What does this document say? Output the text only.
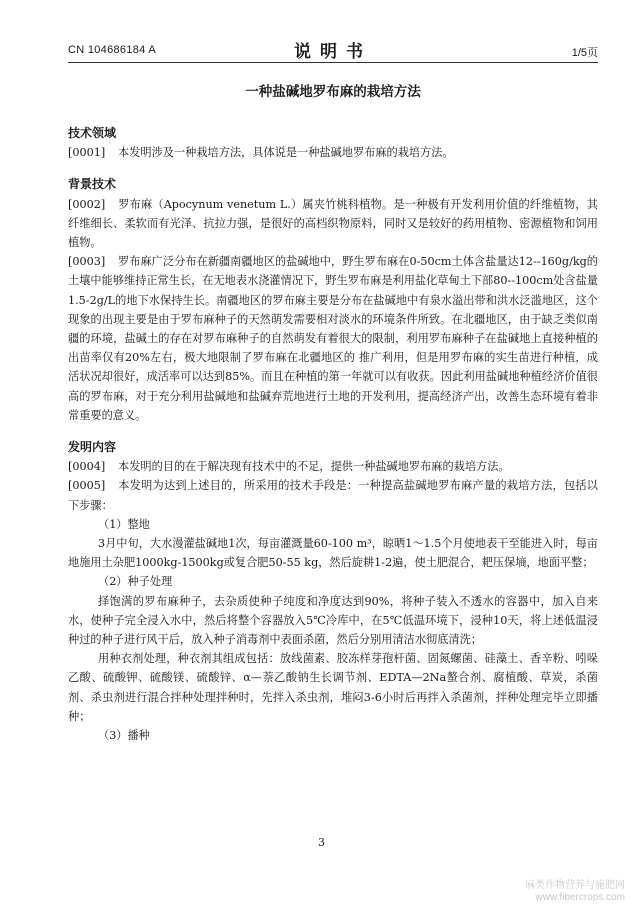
CN 104686184 A	说明书	1/5页
一种盐碱地罗布麻的栽培方法

技术领域

[0001] 本发明涉及一种栽培方法，具体说是一种盐碱地罗布麻的栽培方法。

背景技术

[0002] 罗布麻（Apocynum venetum L.）属夹竹桃科植物。是一种极有开发利用价值的纤维植物，其纤维细长、柔软而有光泽、抗拉力强，是很好的高档织物原料，同时又是较好的药用植物、密源植物和饲用植物。

[0003] 罗布麻广泛分布在新疆南疆地区的盐碱地中，野生罗布麻在0-50cm土体含盐量达12--160g/kg的土壤中能够维持正常生长，在无地表水浇灌情况下，野生罗布麻是利用盐化草甸土下部80--100cm处含盐量1.5-2g/L的地下水保持生长。南疆地区的罗布麻主要是分布在盐碱地中有泉水溢出带和洪水泛滥地区，这个现象的出现主要是由于罗布麻种子的天然萌发需要相对淡水的环境条件所致。在北疆地区，由于缺乏类似南疆的环境，盐碱土的存在对罗布麻种子的自然萌发有着很大的限制，利用罗布麻种子在盐碱地上直接种植的出苗率仅有20%左右，极大地限制了罗布麻在北疆地区的 推广利用，但是用罗布麻的实生苗进行种植，成活状况却很好，成活率可以达到85%。而且在种植的第一年就可以有收获。因此利用盐碱地种植经济价值很高的罗布麻，对于充分利用盐碱地和盐碱弃荒地进行土地的开发利用，提高经济产出，改善生态环境有着非常重要的意义。

发明内容

[0004] 本发明的目的在于解决现有技术中的不足，提供一种盐碱地罗布麻的栽培方法。

[0005] 本发明为达到上述目的，所采用的技术手段是：一种提高盐碱地罗布麻产量的栽培方法，包括以下步骤：

（1）整地

3月中旬，大水漫灌盐碱地1次，每亩灌溉量60-100 m³，晾晒1～1.5个月使地表干至能进入时，每亩地施用土杂肥1000kg-1500kg或复合肥50-55 kg，然后旋耕1-2遍，使土肥混合，耙压保墒，地面平整；

（2）种子处理

择饱满的罗布麻种子，去杂质使种子纯度和净度达到90%，将种子装入不透水的容器中，加入自来水，使种子完全浸入水中，然后将整个容器放入5℃冷库中，在5℃低温环境下，浸种10天，将上述低温浸种过的种子进行风干后，放入种子消毒剂中表面杀菌，然后分别用清洁水彻底清洗；

用种衣剂处理，种衣剂其组成包括：放线菌素、胶冻样芽孢杆菌、固氮螺菌、硅藻土、香辛粉、吲哚乙酸、硫酸钾、硫酸镁、硫酸锌、α—萘乙酸钠生长调节剂、EDTA—2Na螯合剂、腐植酸、草炭，杀菌剂、杀虫剂进行混合拌种处理拌种时，先拌入杀虫剂，堆闷3-6小时后再拌入杀菌剂，拌种处理完毕立即播种；

（3）播种

3
麻类作物营养与施肥网
www.fibercrops.com
